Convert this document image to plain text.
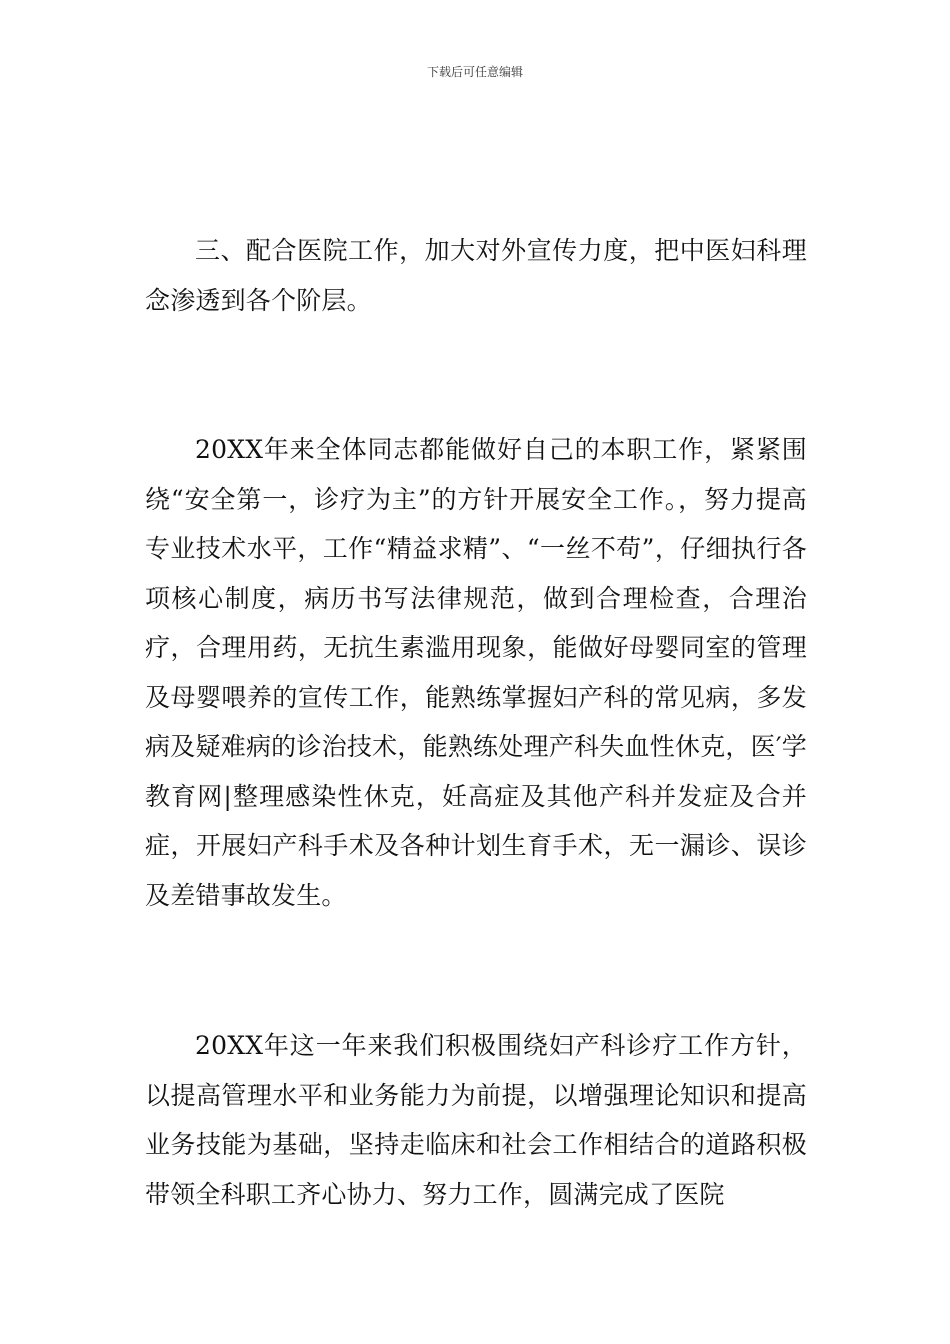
下载后可任意编辑

三、配合医院工作，加大对外宣传力度，把中医妇科理念渗透到各个阶层。

20XX年来全体同志都能做好自己的本职工作，紧紧围绕“安全第一，诊疗为主”的方针开展安全工作。，努力提高专业技术水平，工作“精益求精”、“一丝不苟”，仔细执行各项核心制度，病历书写法律规范，做到合理检查，合理治疗，合理用药，无抗生素滥用现象，能做好母婴同室的管理及母婴喂养的宣传工作，能熟练掌握妇产科的常见病，多发病及疑难病的诊治技术，能熟练处理产科失血性休克，医′学教育网|整理感染性休克，妊高症及其他产科并发症及合并症，开展妇产科手术及各种计划生育手术，无一漏诊、误诊及差错事故发生。

20XX年这一年来我们积极围绕妇产科诊疗工作方针，以提高管理水平和业务能力为前提，以增强理论知识和提高业务技能为基础，坚持走临床和社会工作相结合的道路积极带领全科职工齐心协力、努力工作，圆满完成了医院
